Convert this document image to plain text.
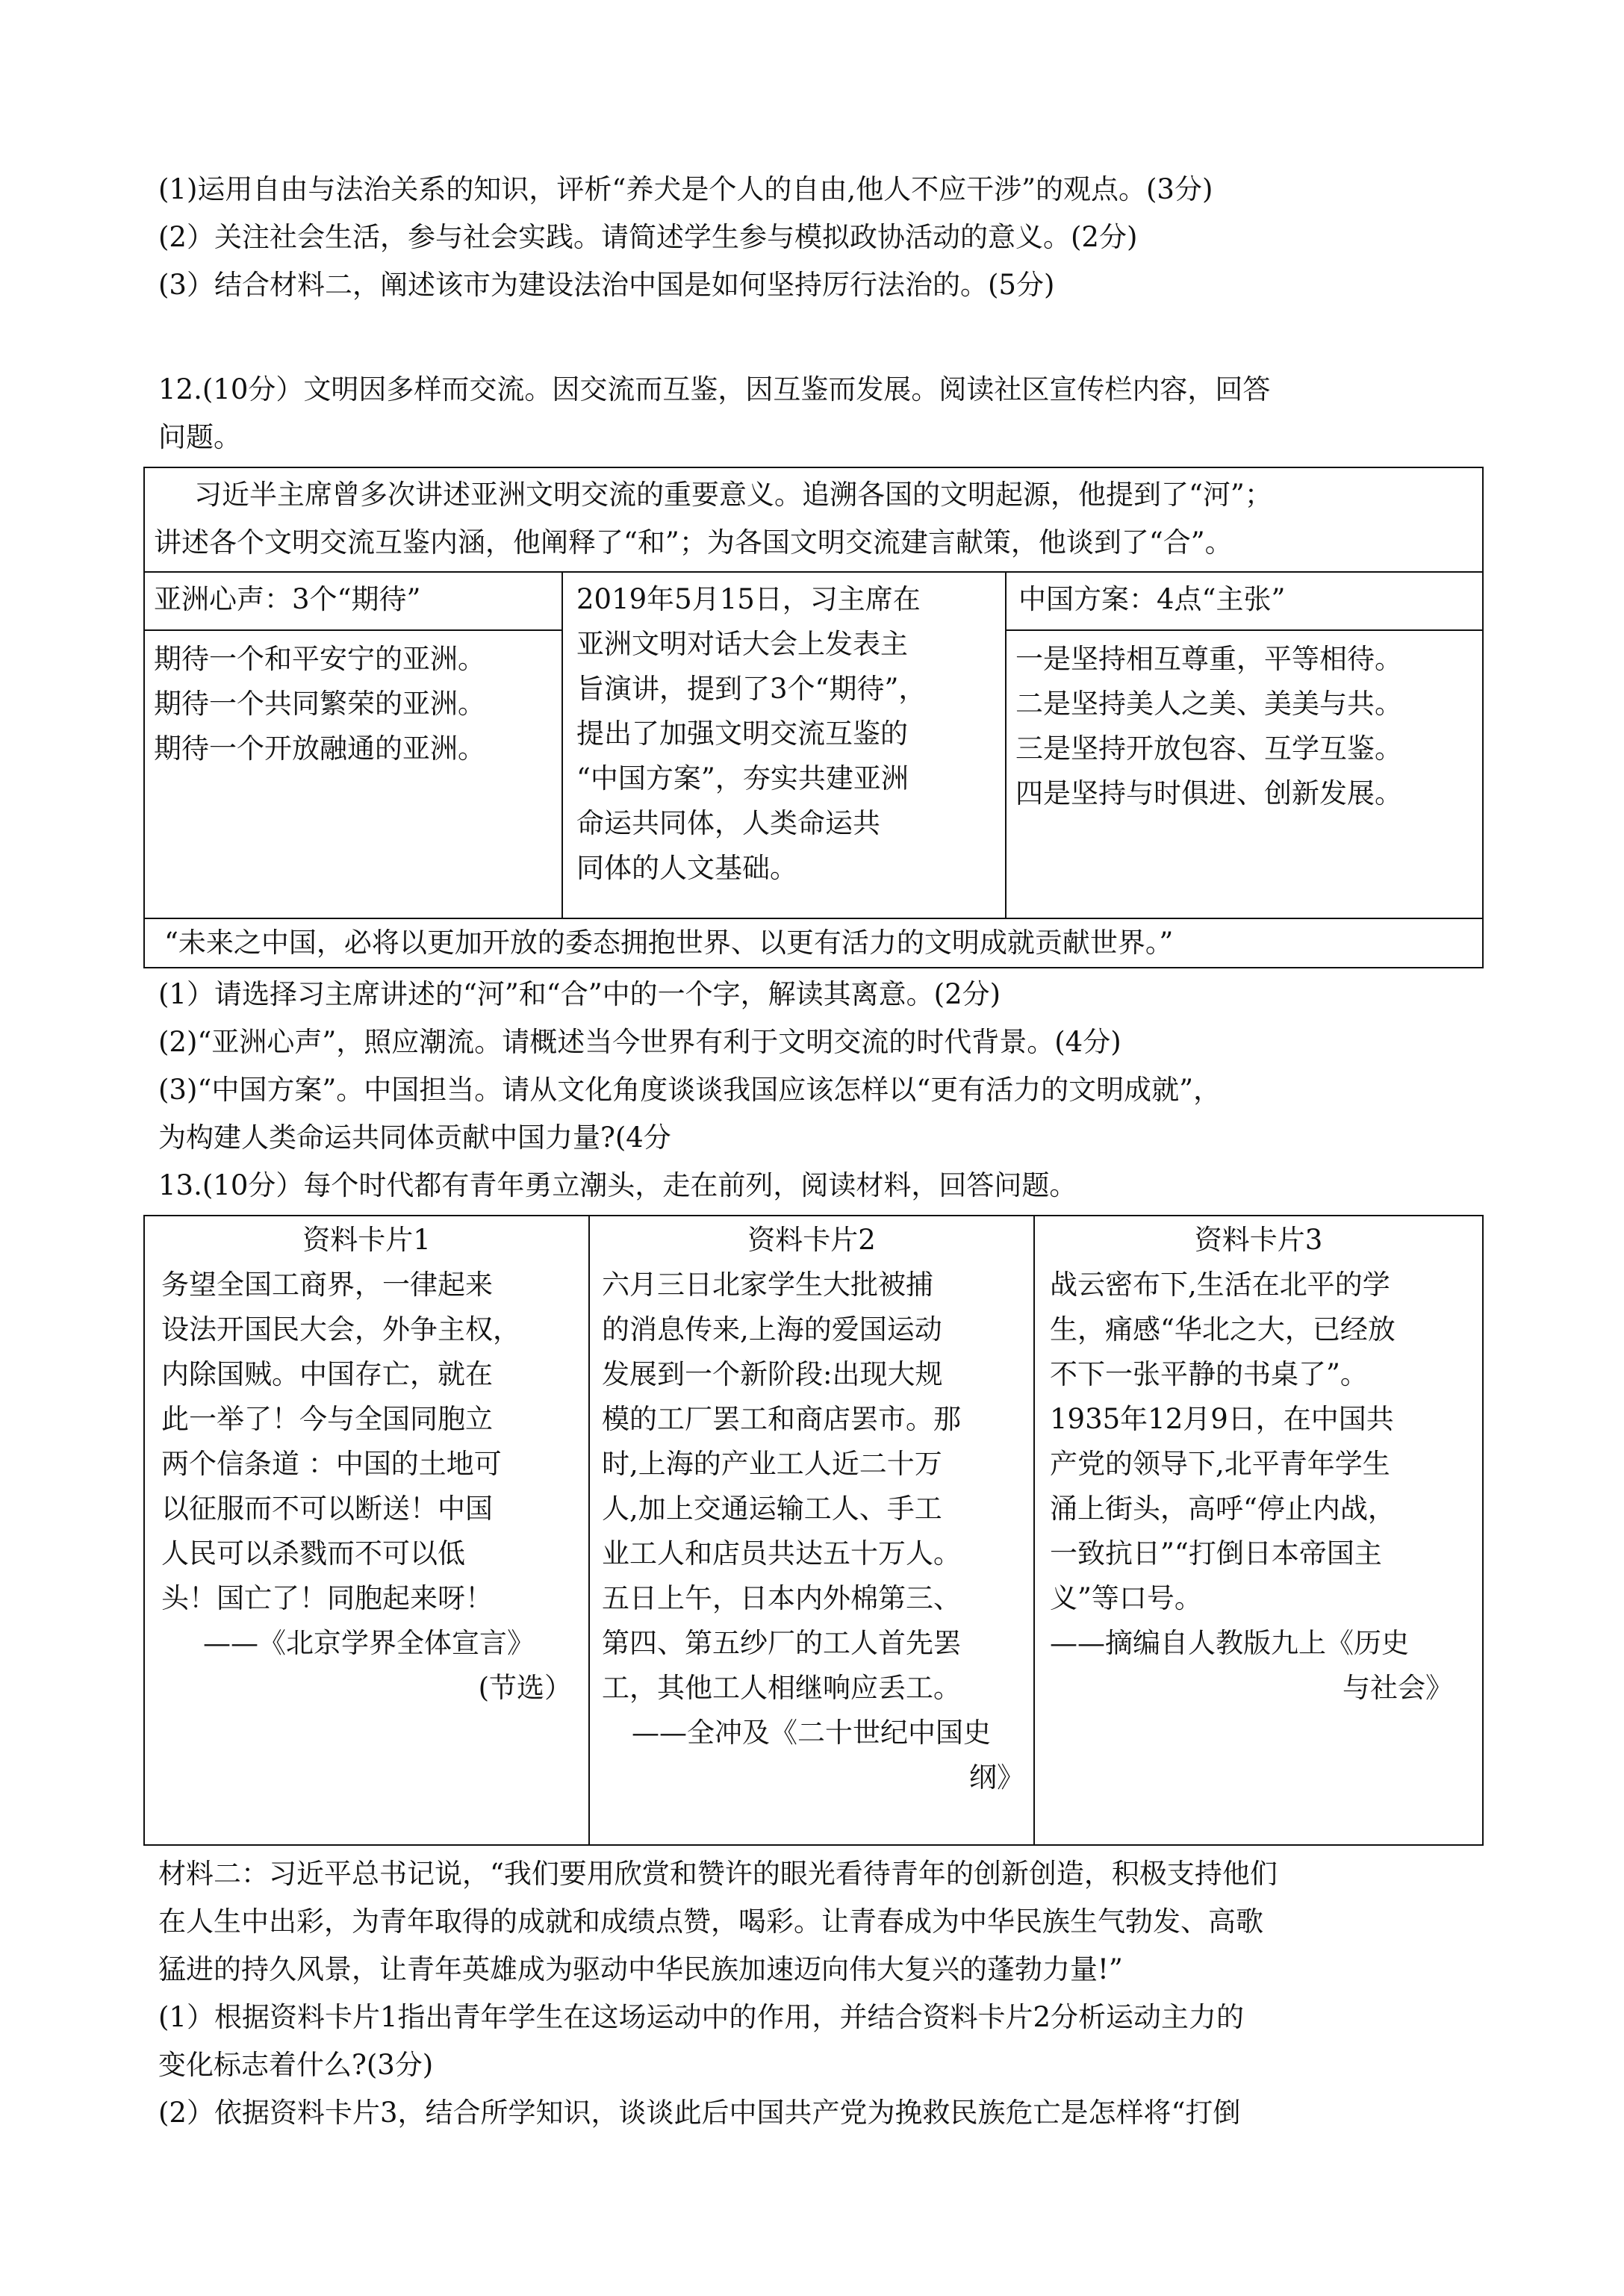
(1)运用自由与法治关系的知识，评析“养犬是个人的自由,他人不应干涉”的观点。(3分)
(2）关注社会生活，参与社会实践。请简述学生参与模拟政协活动的意义。(2分)
(3）结合材料二，阐述该市为建设法治中国是如何坚持厉行法治的。(5分)
12.(10分）文明因多样而交流。因交流而互鉴，因互鉴而发展。阅读社区宣传栏内容，回答
问题。
习近半主席曾多次讲述亚洲文明交流的重要意义。追溯各国的文明起源，他提到了“河”；
讲述各个文明交流互鉴内涵，他阐释了“和”；为各国文明交流建言献策，他谈到了“合”。
亚洲心声：3个“期待”
期待一个和平安宁的亚洲。
期待一个共同繁荣的亚洲。
期待一个开放融通的亚洲。
2019年5月15日，习主席在
亚洲文明对话大会上发表主
旨演讲，提到了3个“期待”，
提出了加强文明交流互鉴的
“中国方案”，夯实共建亚洲
命运共同体，人类命运共
同体的人文基础。
中国方案：4点“主张”
一是坚持相互尊重，平等相待。
二是坚持美人之美、美美与共。
三是坚持开放包容、互学互鉴。
四是坚持与时俱进、创新发展。
“未来之中国，必将以更加开放的委态拥抱世界、以更有活力的文明成就贡献世界。”
(1）请选择习主席讲述的“河”和“合”中的一个字，解读其离意。(2分)
(2)“亚洲心声”，照应潮流。请概述当今世界有利于文明交流的时代背景。(4分)
(3)“中国方案”。中国担当。请从文化角度谈谈我国应该怎样以“更有活力的文明成就”，
为构建人类命运共同体贡献中国力量?(4分
13.(10分）每个时代都有青年勇立潮头，走在前列，阅读材料，回答问题。
资料卡片1
务望全国工商界，一律起来
设法开国民大会，外争主权，
内除国贼。中国存亡，就在
此一举了！今与全国同胞立
两个信条道 ：中国的土地可
以征服而不可以断送！中国
人民可以杀戮而不可以低
头！国亡了！同胞起来呀！
——《北京学界全体宣言》
(节选）
资料卡片2
六月三日北家学生大批被捕
的消息传来,上海的爱国运动
发展到一个新阶段:出现大规
模的工厂罢工和商店罢市。那
时,上海的产业工人近二十万
人,加上交通运输工人、手工
业工人和店员共达五十万人。
五日上午，日本内外棉第三、
第四、第五纱厂的工人首先罢
工，其他工人相继响应丢工。
——全冲及《二十世纪中国史
纲》
资料卡片3
战云密布下,生活在北平的学
生，痛感“华北之大，已经放
不下一张平静的书桌了”。
1935年12月9日，在中国共
产党的领导下,北平青年学生
涌上街头，高呼“停止内战，
一致抗日”“打倒日本帝国主
义”等口号。
——摘编自人教版九上《历史
与社会》
材料二：习近平总书记说，“我们要用欣赏和赞许的眼光看待青年的创新创造，积极支持他们
在人生中出彩，为青年取得的成就和成绩点赞，喝彩。让青春成为中华民族生气勃发、高歌
猛进的持久风景，让青年英雄成为驱动中华民族加速迈向伟大复兴的蓬勃力量!”
(1）根据资料卡片1指出青年学生在这场运动中的作用，并结合资料卡片2分析运动主力的
变化标志着什么?(3分)
(2）依据资料卡片3，结合所学知识，谈谈此后中国共产党为挽救民族危亡是怎样将“打倒
